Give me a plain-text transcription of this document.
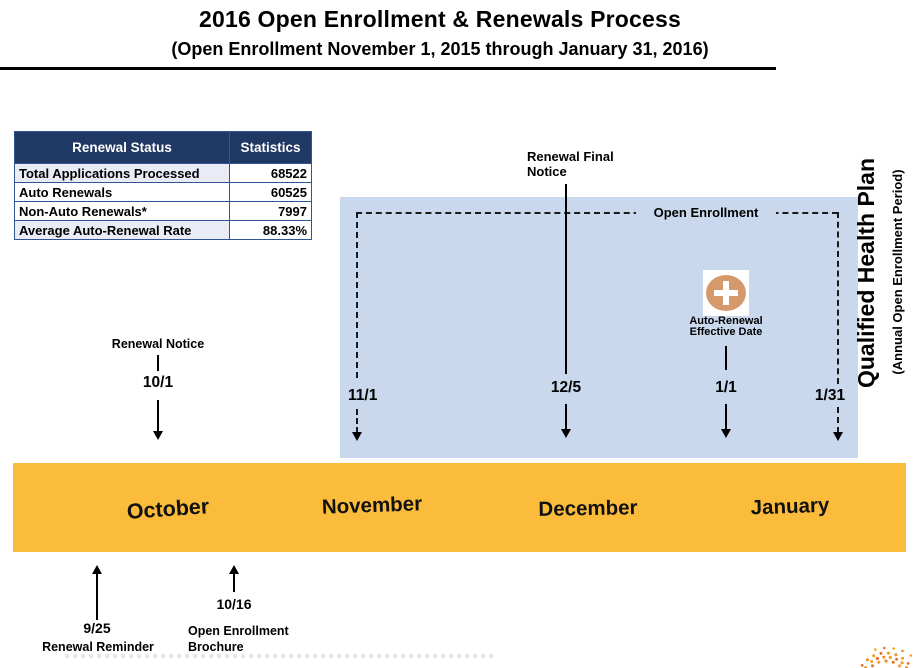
2016 Open Enrollment & Renewals Process
(Open Enrollment November 1, 2015 through January 31, 2016)
Renewal Status	Statistics
Total Applications Processed	68522
Auto Renewals	60525
Non-Auto Renewals*	7997
Average Auto-Renewal Rate	88.33%
Renewal Notice
10/1
Open Enrollment
11/1	1/31
Renewal Final
Notice
12/5
Auto-Renewal
Effective Date
1/1
October	November	December	January
9/25
Renewal Reminder
10/16
Open Enrollment
Brochure
Qualified Health Plan (Annual Open Enrollment Period)
